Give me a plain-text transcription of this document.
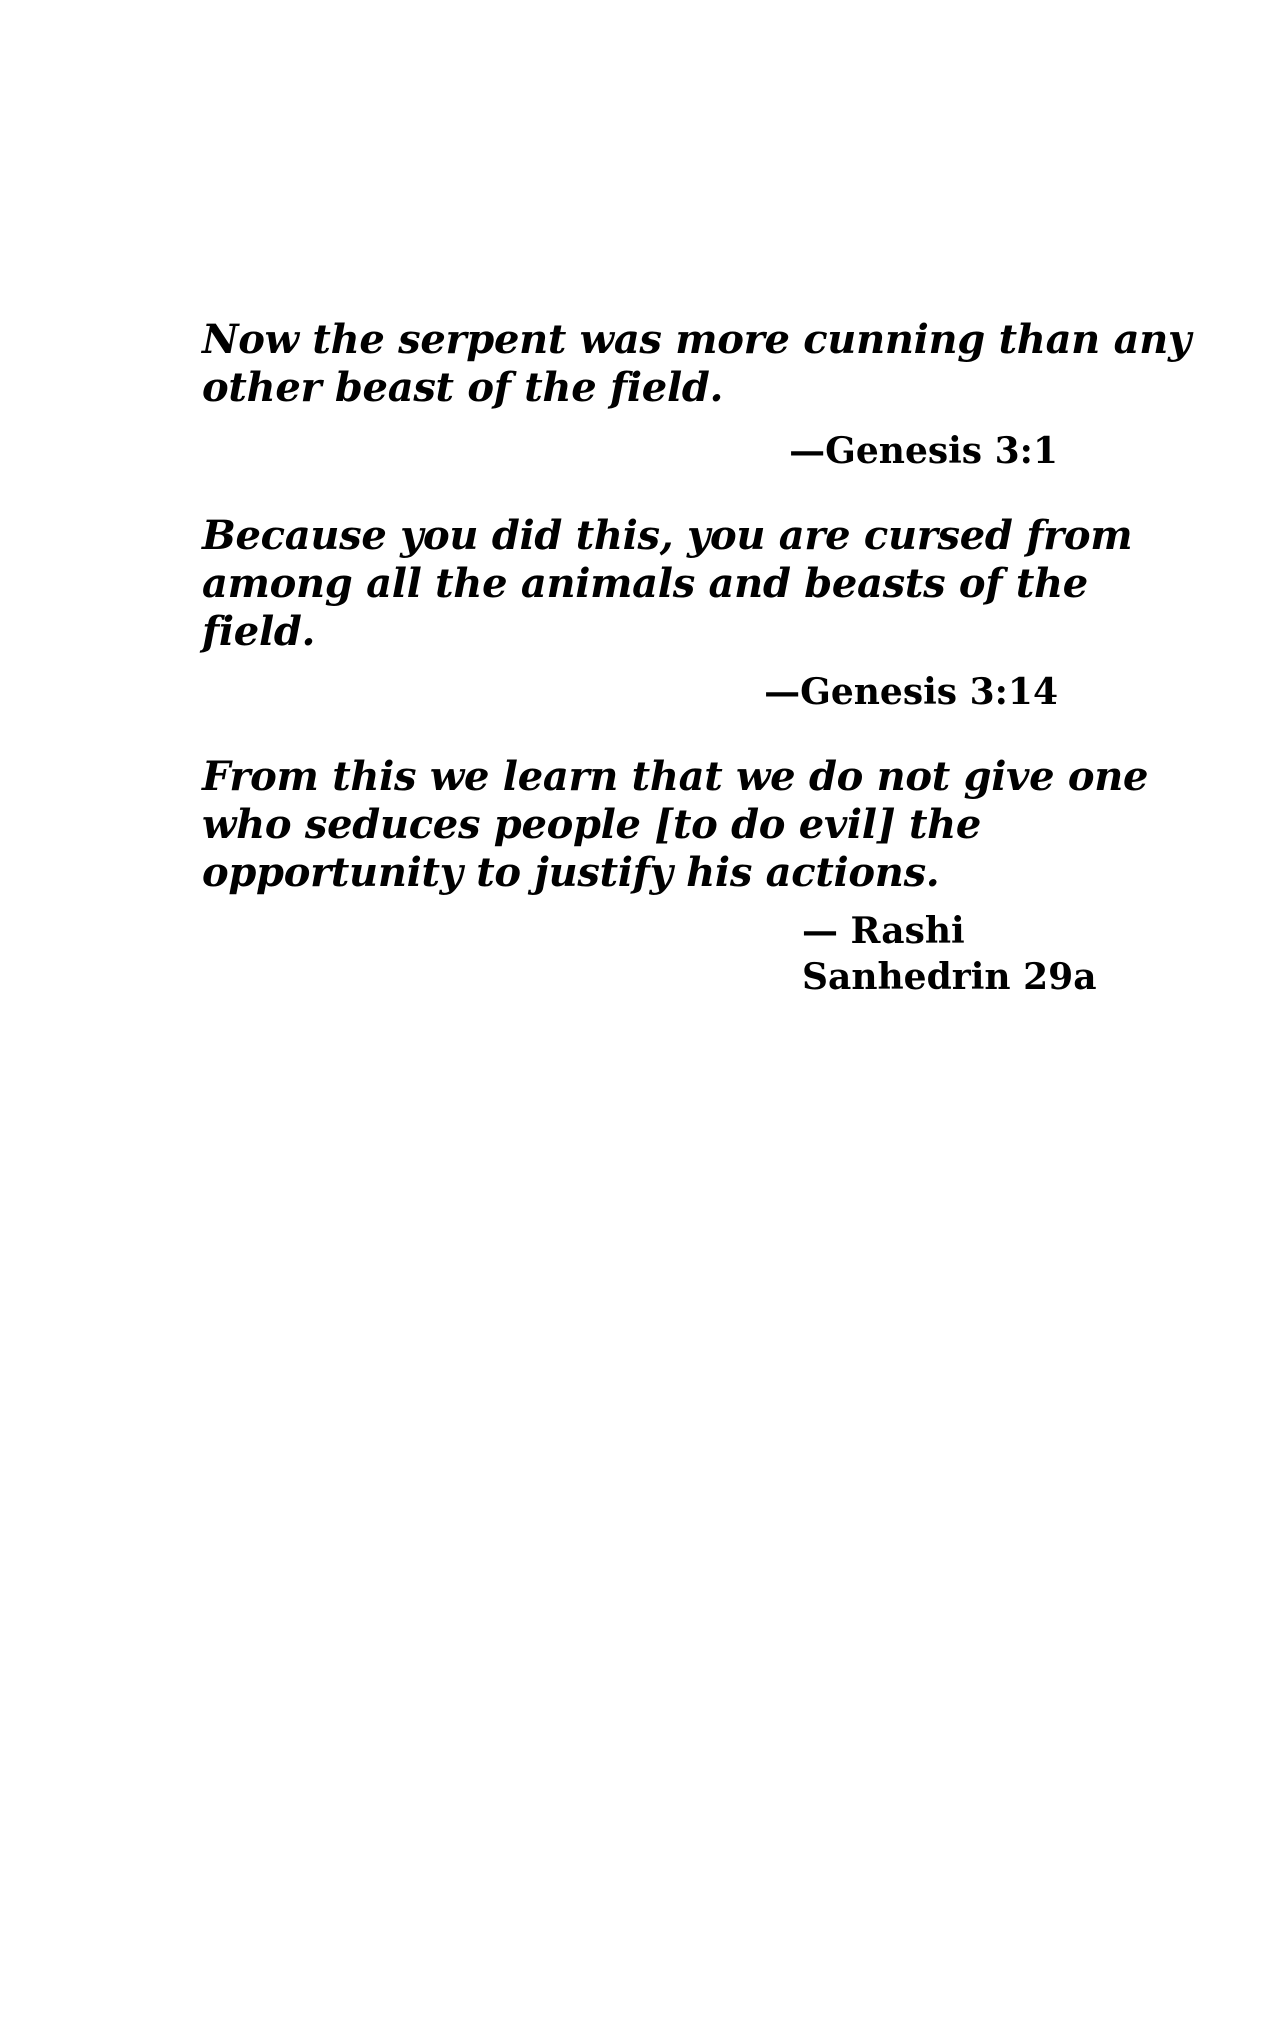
Now the serpent was more cunning than any
other beast of the field.

—Genesis 3:1

Because you did this, you are cursed from
among all the animals and beasts of the
field.

—Genesis 3:14

From this we learn that we do not give one
who seduces people [to do evil] the
opportunity to justify his actions.

— Rashi
Sanhedrin 29a
